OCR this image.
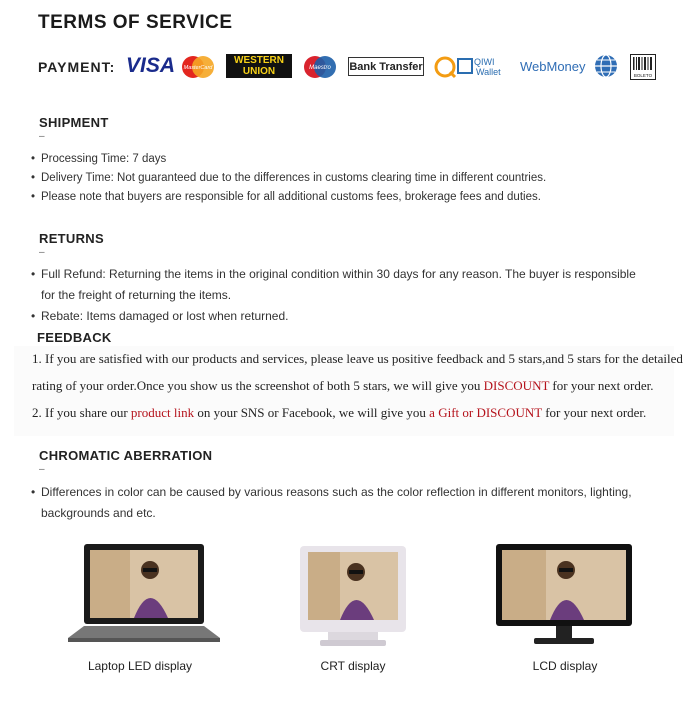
TERMS OF SERVICE
PAYMENT: VISA MasterCard
WESTERN
UNION	Maestro Bank Transfer	QIWI
Wallet WebMoney
BOLETO
SHIPMENT
–
• Processing Time: 7 days
• Delivery Time: Not guaranteed due to the differences in customs clearing time in different countries.
• Please note that buyers are responsible for all additional customs fees, brokerage fees and duties.
RETURNS
–
• Full Refund: Returning the items in the original condition within 30 days for any reason. The buyer is responsible
for the freight of returning the items.
• Rebate: Items damaged or lost when returned.
FEEDBACK
1. If you are satisfied with our products and services, please leave us positive feedback and 5 stars,and 5 stars for the detailed
rating of your order.Once you show us the screenshot of both 5 stars, we will give you DISCOUNT for your next order.
2. If you share our product link on your SNS or Facebook, we will give you a Gift or DISCOUNT for your next order.
CHROMATIC ABERRATION
–
• Differences in color can be caused by various reasons such as the color reflection in different monitors, lighting,
backgrounds and etc.
Laptop LED display	CRT display	LCD display
